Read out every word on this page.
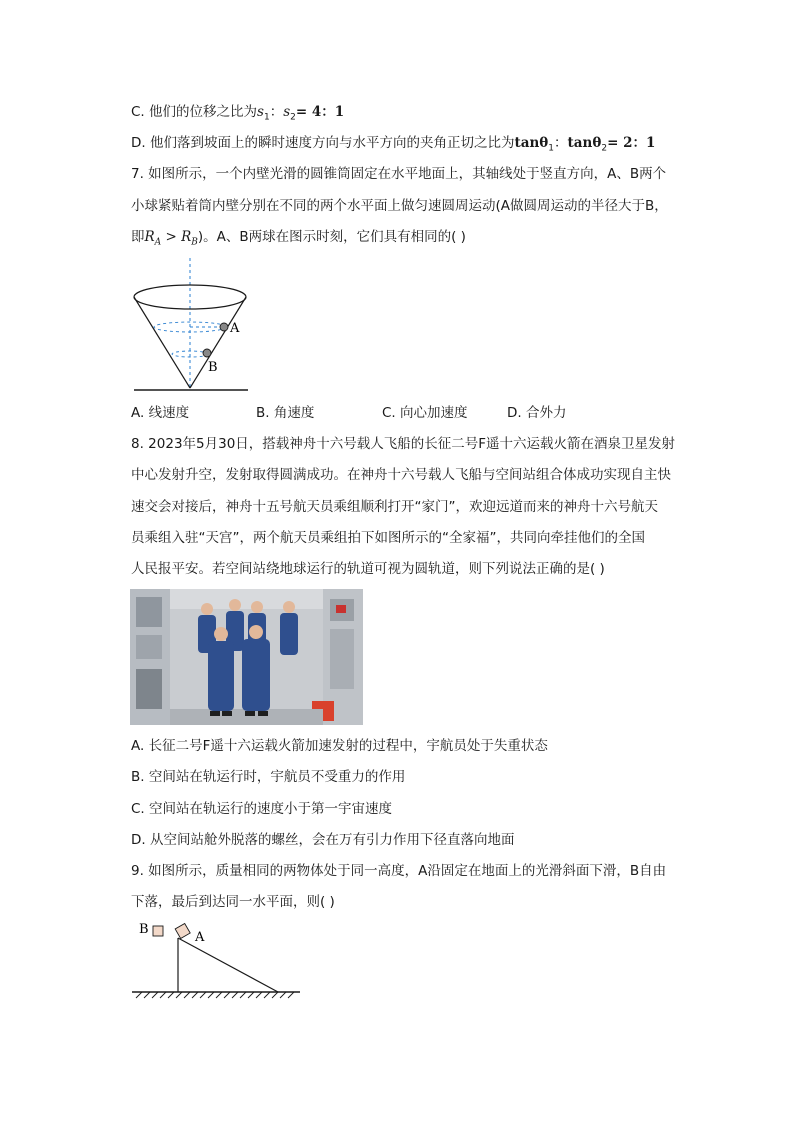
C. 他们的位移之比为$s_1$：$s_2= 4$：1
D. 他们落到坡面上的瞬时速度方向与水平方向的夹角正切之比为tanθ$_1$：tanθ$_2$= 2：1
7. 如图所示，一个内壁光滑的圆锥筒固定在水平地面上，其轴线处于竖直方向，A、B两个
小球紧贴着筒内壁分别在不同的两个水平面上做匀速圆周运动(A做圆周运动的半径大于B，
即$R_A > R_B$)。A、B两球在图示时刻，它们具有相同的( )
A
B
A. 线速度	B. 角速度	C. 向心加速度	D. 合外力
8. 2023年5月30日，搭载神舟十六号载人飞船的长征二号F遥十六运载火箭在酒泉卫星发射
中心发射升空，发射取得圆满成功。在神舟十六号载人飞船与空间站组合体成功实现自主快
速交会对接后，神舟十五号航天员乘组顺利打开“家门”，欢迎远道而来的神舟十六号航天
员乘组入驻“天宫”，两个航天员乘组拍下如图所示的“全家福”，共同向牵挂他们的全国
人民报平安。若空间站绕地球运行的轨道可视为圆轨道，则下列说法正确的是( )
A. 长征二号F遥十六运载火箭加速发射的过程中，宇航员处于失重状态
B. 空间站在轨运行时，宇航员不受重力的作用
C. 空间站在轨运行的速度小于第一宇宙速度
D. 从空间站舱外脱落的螺丝，会在万有引力作用下径直落向地面
9. 如图所示，质量相同的两物体处于同一高度，A沿固定在地面上的光滑斜面下滑，B自由
下落，最后到达同一水平面，则( )
B
A
